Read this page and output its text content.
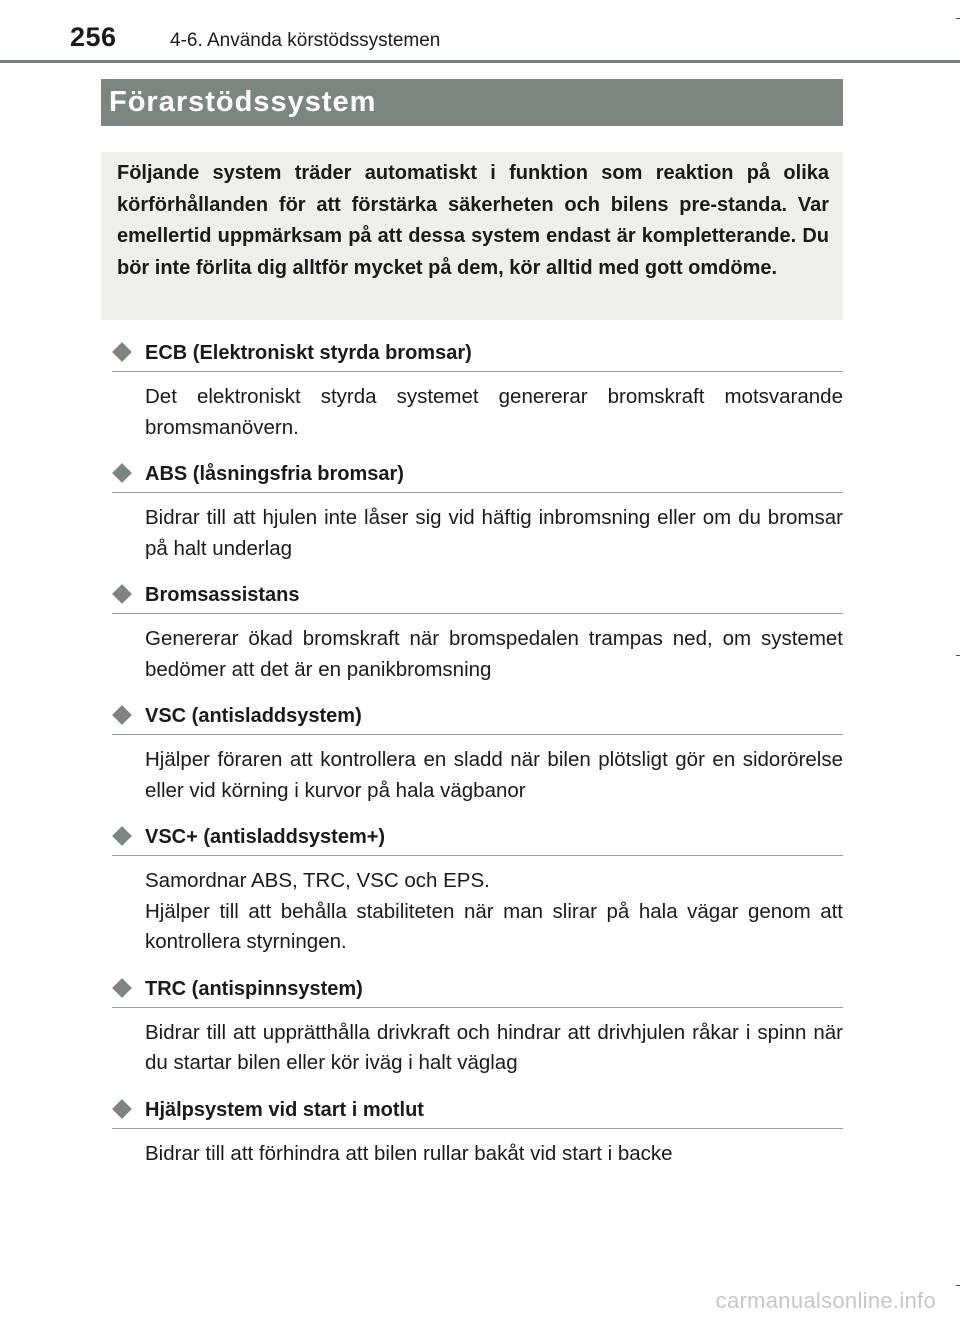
256	4-6. Använda körstödssystemen
Förarstödssystem
Följande system träder automatiskt i funktion som reaktion på olika körförhållanden för att förstärka säkerheten och bilens pre-standa. Var emellertid uppmärksam på att dessa system endast är kompletterande. Du bör inte förlita dig alltför mycket på dem, kör alltid med gott omdöme.
ECB (Elektroniskt styrda bromsar)

Det elektroniskt styrda systemet genererar bromskraft motsvarande bromsmanövern.

ABS (låsningsfria bromsar)

Bidrar till att hjulen inte låser sig vid häftig inbromsning eller om du bromsar på halt underlag

Bromsassistans

Genererar ökad bromskraft när bromspedalen trampas ned, om systemet bedömer att det är en panikbromsning

VSC (antisladdsystem)

Hjälper föraren att kontrollera en sladd när bilen plötsligt gör en sidorörelse eller vid körning i kurvor på hala vägbanor

VSC+ (antisladdsystem+)

Samordnar ABS, TRC, VSC och EPS.

Hjälper till att behålla stabiliteten när man slirar på hala vägar genom att kontrollera styrningen.

TRC (antispinnsystem)

Bidrar till att upprätthålla drivkraft och hindrar att drivhjulen råkar i spinn när du startar bilen eller kör iväg i halt väglag

Hjälpsystem vid start i motlut

Bidrar till att förhindra att bilen rullar bakåt vid start i backe

carmanualsonline.info
